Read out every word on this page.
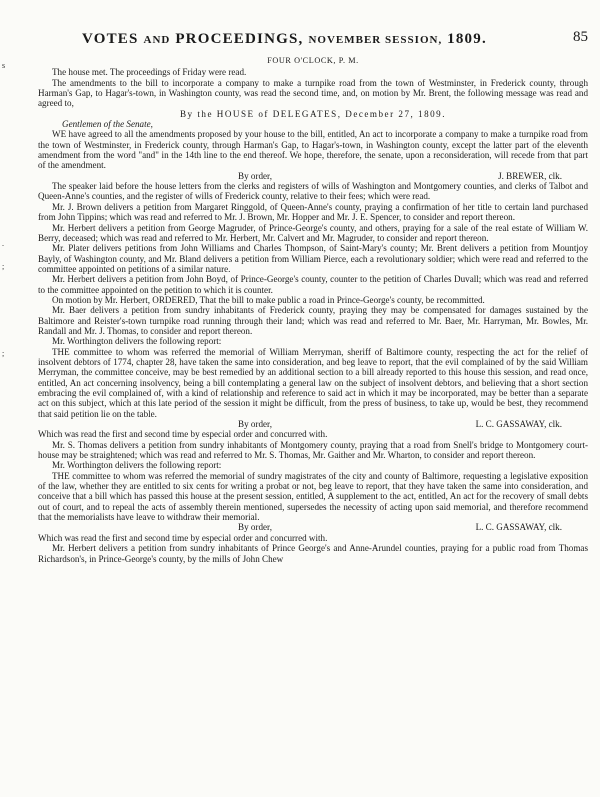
s
.
;
;
VOTES AND PROCEEDINGS, NOVEMBER SESSION, 1809.	85

FOUR O'CLOCK, P. M.

The house met. The proceedings of Friday were read.

The amendments to the bill to incorporate a company to make a turnpike road from the town of Westminster, in Frederick county, through Harman's Gap, to Hagar's-town, in Washington county, was read the second time, and, on motion by Mr. Brent, the following message was read and agreed to,

By the HOUSE of DELEGATES, December 27, 1809.

Gentlemen of the Senate,

WE have agreed to all the amendments proposed by your house to the bill, entitled, An act to incorporate a company to make a turnpike road from the town of Westminster, in Frederick county, through Harman's Gap, to Hagar's-town, in Washington county, except the latter part of the eleventh amendment from the word "and" in the 14th line to the end thereof. We hope, therefore, the senate, upon a reconsideration, will recede from that part of the amendment.

By order,	J. BREWER, clk.

The speaker laid before the house letters from the clerks and registers of wills of Washington and Montgomery counties, and clerks of Talbot and Queen-Anne's counties, and the register of wills of Frederick county, relative to their fees; which were read.

Mr. J. Brown delivers a petition from Margaret Ringgold, of Queen-Anne's county, praying a confirmation of her title to certain land purchased from John Tippins; which was read and referred to Mr. J. Brown, Mr. Hopper and Mr. J. E. Spencer, to consider and report thereon.

Mr. Herbert delivers a petition from George Magruder, of Prince-George's county, and others, praying for a sale of the real estate of William W. Berry, deceased; which was read and referred to Mr. Herbert, Mr. Calvert and Mr. Magruder, to consider and report thereon.

Mr. Plater delivers petitions from John Williams and Charles Thompson, of Saint-Mary's county; Mr. Brent delivers a petition from Mountjoy Bayly, of Washington county, and Mr. Bland delivers a petition from William Pierce, each a revolutionary soldier; which were read and referred to the committee appointed on petitions of a similar nature.

Mr. Herbert delivers a petition from John Boyd, of Prince-George's county, counter to the petition of Charles Duvall; which was read and referred to the committee appointed on the petition to which it is counter.

On motion by Mr. Herbert, ORDERED, That the bill to make public a road in Prince-George's county, be recommitted.

Mr. Baer delivers a petition from sundry inhabitants of Frederick county, praying they may be compensated for damages sustained by the Baltimore and Reister's-town turnpike road running through their land; which was read and referred to Mr. Baer, Mr. Harryman, Mr. Bowles, Mr. Randall and Mr. J. Thomas, to consider and report thereon.

Mr. Worthington delivers the following report:

THE committee to whom was referred the memorial of William Merryman, sheriff of Baltimore county, respecting the act for the relief of insolvent debtors of 1774, chapter 28, have taken the same into consideration, and beg leave to report, that the evil complained of by the said William Merryman, the committee conceive, may be best remedied by an additional section to a bill already reported to this house this session, and read once, entitled, An act concerning insolvency, being a bill contemplating a general law on the subject of insolvent debtors, and believing that a short section embracing the evil complained of, with a kind of relationship and reference to said act in which it may be incorporated, may be better than a separate act on this subject, which at this late period of the session it might be difficult, from the press of business, to take up, would be best, they recommend that said petition lie on the table.

By order,	L. C. GASSAWAY, clk.

Which was read the first and second time by especial order and concurred with.

Mr. S. Thomas delivers a petition from sundry inhabitants of Montgomery county, praying that a road from Snell's bridge to Montgomery court-house may be straightened; which was read and referred to Mr. S. Thomas, Mr. Gaither and Mr. Wharton, to consider and report thereon.

Mr. Worthington delivers the following report:

THE committee to whom was referred the memorial of sundry magistrates of the city and county of Baltimore, requesting a legislative exposition of the law, whether they are entitled to six cents for writing a probat or not, beg leave to report, that they have taken the same into consideration, and conceive that a bill which has passed this house at the present session, entitled, A supplement to the act, entitled, An act for the recovery of small debts out of court, and to repeal the acts of assembly therein mentioned, supersedes the necessity of acting upon said memorial, and therefore recommend that the memorialists have leave to withdraw their memorial.

By order,	L. C. GASSAWAY, clk.

Which was read the first and second time by especial order and concurred with.

Mr. Herbert delivers a petition from sundry inhabitants of Prince George's and Anne-Arundel counties, praying for a public road from Thomas Richardson's, in Prince-George's county, by the mills of John Chew
